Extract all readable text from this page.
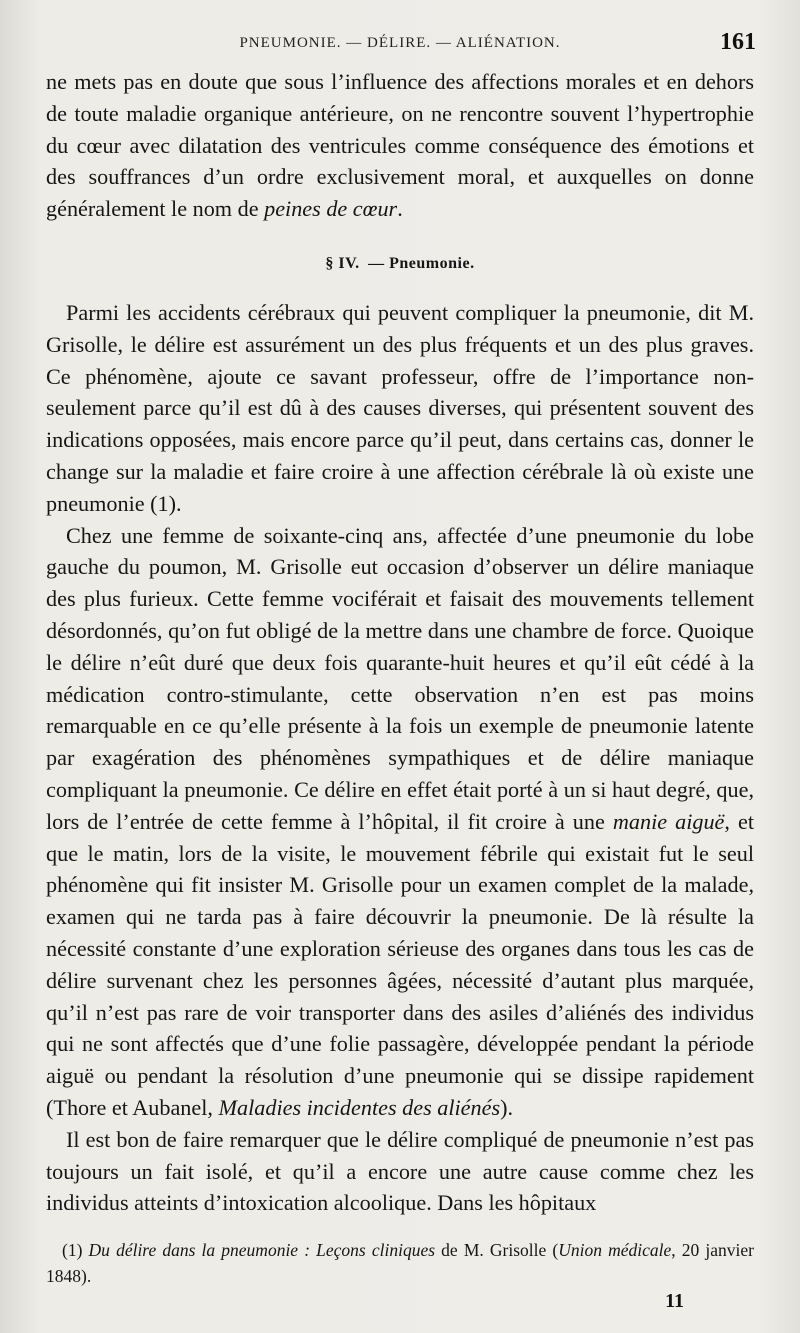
PNEUMONIE. — DÉLIRE. — ALIÉNATION.	161

ne mets pas en doute que sous l’influence des affections morales et en dehors de toute maladie organique antérieure, on ne rencontre souvent l’hypertrophie du cœur avec dilatation des ventricules comme conséquence des émotions et des souffrances d’un ordre exclusivement moral, et auxquelles on donne généralement le nom de peines de cœur.

§ IV. — Pneumonie.

Parmi les accidents cérébraux qui peuvent compliquer la pneumonie, dit M. Grisolle, le délire est assurément un des plus fréquents et un des plus graves. Ce phénomène, ajoute ce savant professeur, offre de l’importance non-seulement parce qu’il est dû à des causes diverses, qui présentent souvent des indications opposées, mais encore parce qu’il peut, dans certains cas, donner le change sur la maladie et faire croire à une affection cérébrale là où existe une pneumonie (1).

Chez une femme de soixante-cinq ans, affectée d’une pneumonie du lobe gauche du poumon, M. Grisolle eut occasion d’observer un délire maniaque des plus furieux. Cette femme vociférait et faisait des mouvements tellement désordonnés, qu’on fut obligé de la mettre dans une chambre de force. Quoique le délire n’eût duré que deux fois quarante-huit heures et qu’il eût cédé à la médication contro-stimulante, cette observation n’en est pas moins remarquable en ce qu’elle présente à la fois un exemple de pneumonie latente par exagération des phénomènes sympathiques et de délire maniaque compliquant la pneumonie. Ce délire en effet était porté à un si haut degré, que, lors de l’entrée de cette femme à l’hôpital, il fit croire à une manie aiguë, et que le matin, lors de la visite, le mouvement fébrile qui existait fut le seul phénomène qui fit insister M. Grisolle pour un examen complet de la malade, examen qui ne tarda pas à faire découvrir la pneumonie. De là résulte la nécessité constante d’une exploration sérieuse des organes dans tous les cas de délire survenant chez les personnes âgées, nécessité d’autant plus marquée, qu’il n’est pas rare de voir transporter dans des asiles d’aliénés des individus qui ne sont affectés que d’une folie passagère, développée pendant la période aiguë ou pendant la résolution d’une pneumonie qui se dissipe rapidement (Thore et Aubanel, Maladies incidentes des aliénés).

Il est bon de faire remarquer que le délire compliqué de pneumonie n’est pas toujours un fait isolé, et qu’il a encore une autre cause comme chez les individus atteints d’intoxication alcoolique. Dans les hôpitaux

(1) Du délire dans la pneumonie : Leçons cliniques de M. Grisolle (Union médicale, 20 janvier 1848).

11
